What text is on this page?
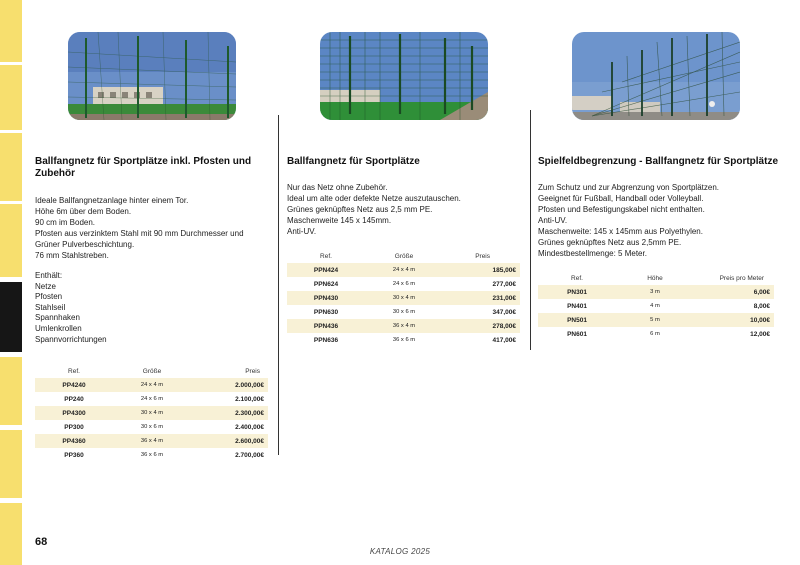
Ballfangnetz für Sportplätze inkl. Pfosten und Zubehör
Ideale Ballfangnetzanlage hinter einem Tor.
Höhe 6m über dem Boden.
90 cm im Boden.
Pfosten aus verzinktem Stahl mit 90 mm Durchmesser und
Grüner Pulverbeschichtung.
76 mm Stahlstreben.
Enthält:
Netze
Pfosten
Stahlseil
Spannhaken
Umlenkrollen
Spannvorrichtungen
Ref.	Größe	Preis
PP4240	24 x 4 m	2.000,00€
PP240	24 x 6 m	2.100,00€
PP4300	30 x 4 m	2.300,00€
PP300	30 x 6 m	2.400,00€
PP4360	36 x 4 m	2.600,00€
PP360	36 x 6 m	2.700,00€
Ballfangnetz für Sportplätze
Nur das Netz ohne Zubehör.
Ideal um alte oder defekte Netze auszutauschen.
Grünes geknüpftes Netz aus 2,5 mm PE.
Maschenweite 145 x 145mm.
Anti-UV.
Ref.	Größe	Preis
PPN424	24 x 4 m	185,00€
PPN624	24 x 6 m	277,00€
PPN430	30 x 4 m	231,00€
PPN630	30 x 6 m	347,00€
PPN436	36 x 4 m	278,00€
PPN636	36 x 6 m	417,00€
Spielfeldbegrenzung - Ballfangnetz für Sportplätze
Zum Schutz und zur Abgrenzung von Sportplätzen.
Geeignet für Fußball, Handball oder Volleyball.
Pfosten und Befestigungskabel nicht enthalten.
Anti-UV.
Maschenweite: 145 x 145mm aus Polyethylen.
Grünes geknüpftes Netz aus 2,5mm PE.
Mindestbestellmenge: 5 Meter.
Ref.	Höhe	Preis pro Meter
PN301	3 m	6,00€
PN401	4 m	8,00€
PN501	5 m	10,00€
PN601	6 m	12,00€
68
KATALOG 2025
